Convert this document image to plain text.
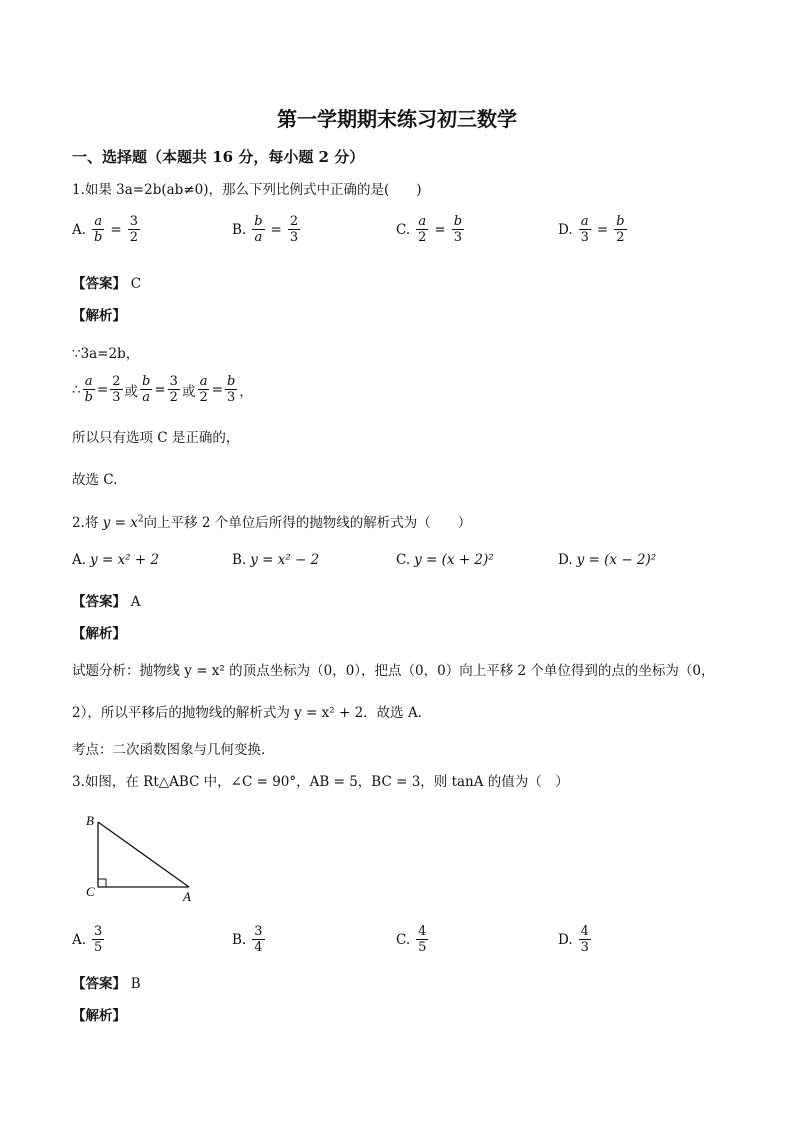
第一学期期末练习初三数学
一、选择题（本题共 16 分，每小题 2 分）
1.如果 3a=2b(ab≠0)，那么下列比例式中正确的是(　　)
A. $\frac{a}{b} = \frac{3}{2}$	B. $\frac{b}{a} = \frac{2}{3}$	C. $\frac{a}{2} = \frac{b}{3}$	D. $\frac{a}{3} = \frac{b}{2}$
【答案】 C
【解析】
∵3a=2b，
∴ $\frac{a}{b} = \frac{2}{3}$ 或 $\frac{b}{a} = \frac{3}{2}$ 或 $\frac{a}{2} = \frac{b}{3}$ ，
所以只有选项 C 是正确的，
故选 C.
2.将 $y = x^2$向上平移 2 个单位后所得的抛物线的解析式为（　　）
A. y = x² + 2	B. y = x² − 2	C. y = (x + 2)²	D. y = (x − 2)²
【答案】 A
【解析】
试题分析：抛物线 y = x² 的顶点坐标为（0，0），把点（0，0）向上平移 2 个单位得到的点的坐标为（0，
2），所以平移后的抛物线的解析式为 y = x² + 2．故选 A．
考点：二次函数图象与几何变换．
3.如图，在 Rt△ABC 中，∠C = 90°，AB = 5，BC = 3，则 tanA 的值为（　）
B
C	A
A. $\frac{3}{5}$	B. $\frac{3}{4}$	C. $\frac{4}{5}$	D. $\frac{4}{3}$
【答案】 B
【解析】
